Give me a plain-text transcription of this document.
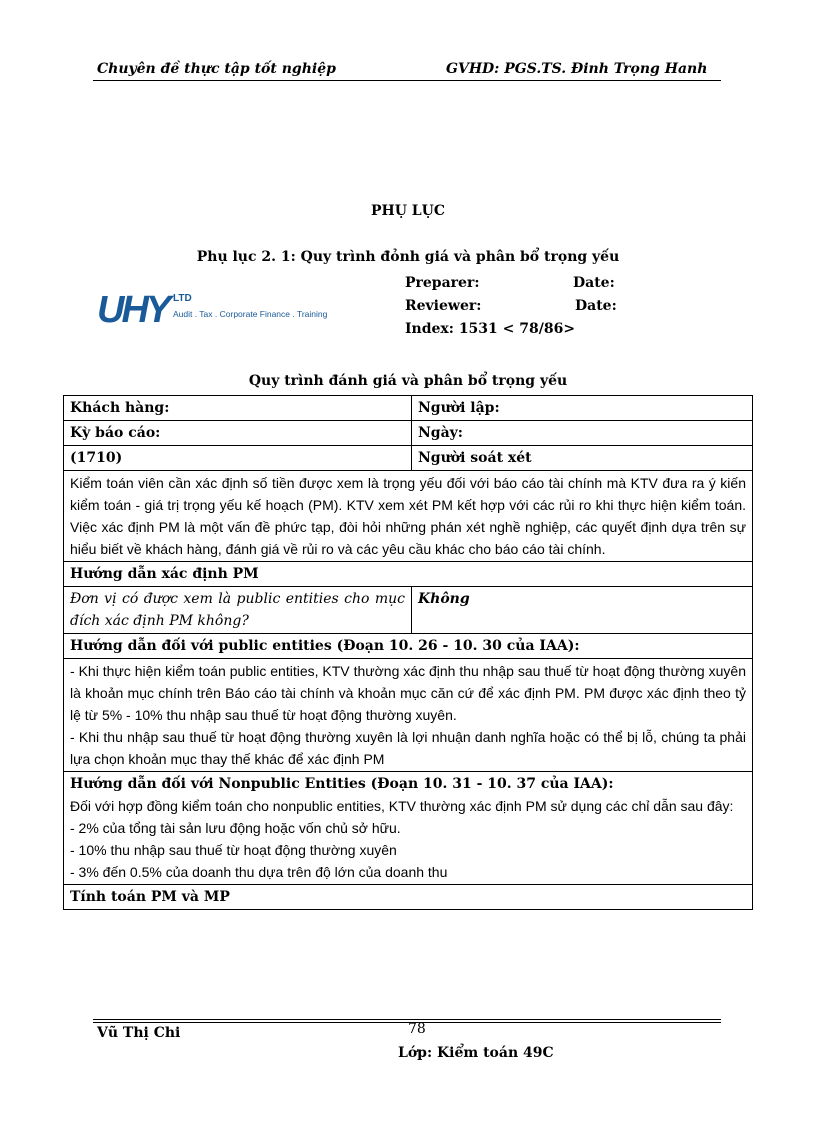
Chuyên đề thực tập tốt nghiệp	GVHD: PGS.TS. Đinh Trọng Hanh
PHỤ LỤC
Phụ lục 2. 1: Quy trình đỏnh giá và phân bổ trọng yếu
UHY LTD
Audit . Tax . Corporate Finance . Training
Preparer:	Date:
Reviewer:	Date:
Index: 1531 < 78/86>
Quy trình đánh giá và phân bổ trọng yếu
Khách hàng:	Người lập:
Kỳ báo cáo:	Ngày:
(1710)	Người soát xét
Kiểm toán viên cần xác định số tiền được xem là trọng yếu đối với báo cáo tài chính mà KTV đưa ra ý kiến kiểm toán - giá trị trọng yếu kế hoạch (PM). KTV xem xét PM kết hợp với các rủi ro khi thực hiện kiểm toán. Việc xác định PM là một vấn đề phức tạp, đòi hỏi những phán xét nghề nghiệp, các quyết định dựa trên sự hiểu biết về khách hàng, đánh giá về rủi ro và các yêu cầu khác cho báo cáo tài chính.	
Hướng dẫn xác định PM	
Đơn vị có được xem là public entities cho mục đích xác định PM không?	Không
Hướng dẫn đối với public entities (Đoạn 10. 26 - 10. 30 của IAA):	

- Khi thực hiện kiểm toán public entities, KTV thường xác định thu nhập sau thuế từ hoạt động thường xuyên là khoản mục chính trên Báo cáo tài chính và khoản mục căn cứ để xác định PM. PM được xác định theo tỷ lệ từ 5% - 10% thu nhập sau thuế từ hoạt động thường xuyên.
- Khi thu nhập sau thuế từ hoạt động thường xuyên là lợi nhuận danh nghĩa hoặc có thể bị lỗ, chúng ta phải lựa chọn khoản mục thay thế khác để xác định PM	

Hướng dẫn đối với Nonpublic Entities (Đoạn 10. 31 - 10. 37 của IAA):
Đối với hợp đồng kiểm toán cho nonpublic entities, KTV thường xác định PM sử dụng các chỉ dẫn sau đây:
- 2% của tổng tài sản lưu động hoặc vốn chủ sở hữu.
- 10% thu nhập sau thuế từ hoạt động thường xuyên
- 3% đến 0.5% của doanh thu dựa trên độ lớn của doanh thu	

Tính toán PM và MP	
Vũ Thị Chi	78
Lớp: Kiểm toán 49C
